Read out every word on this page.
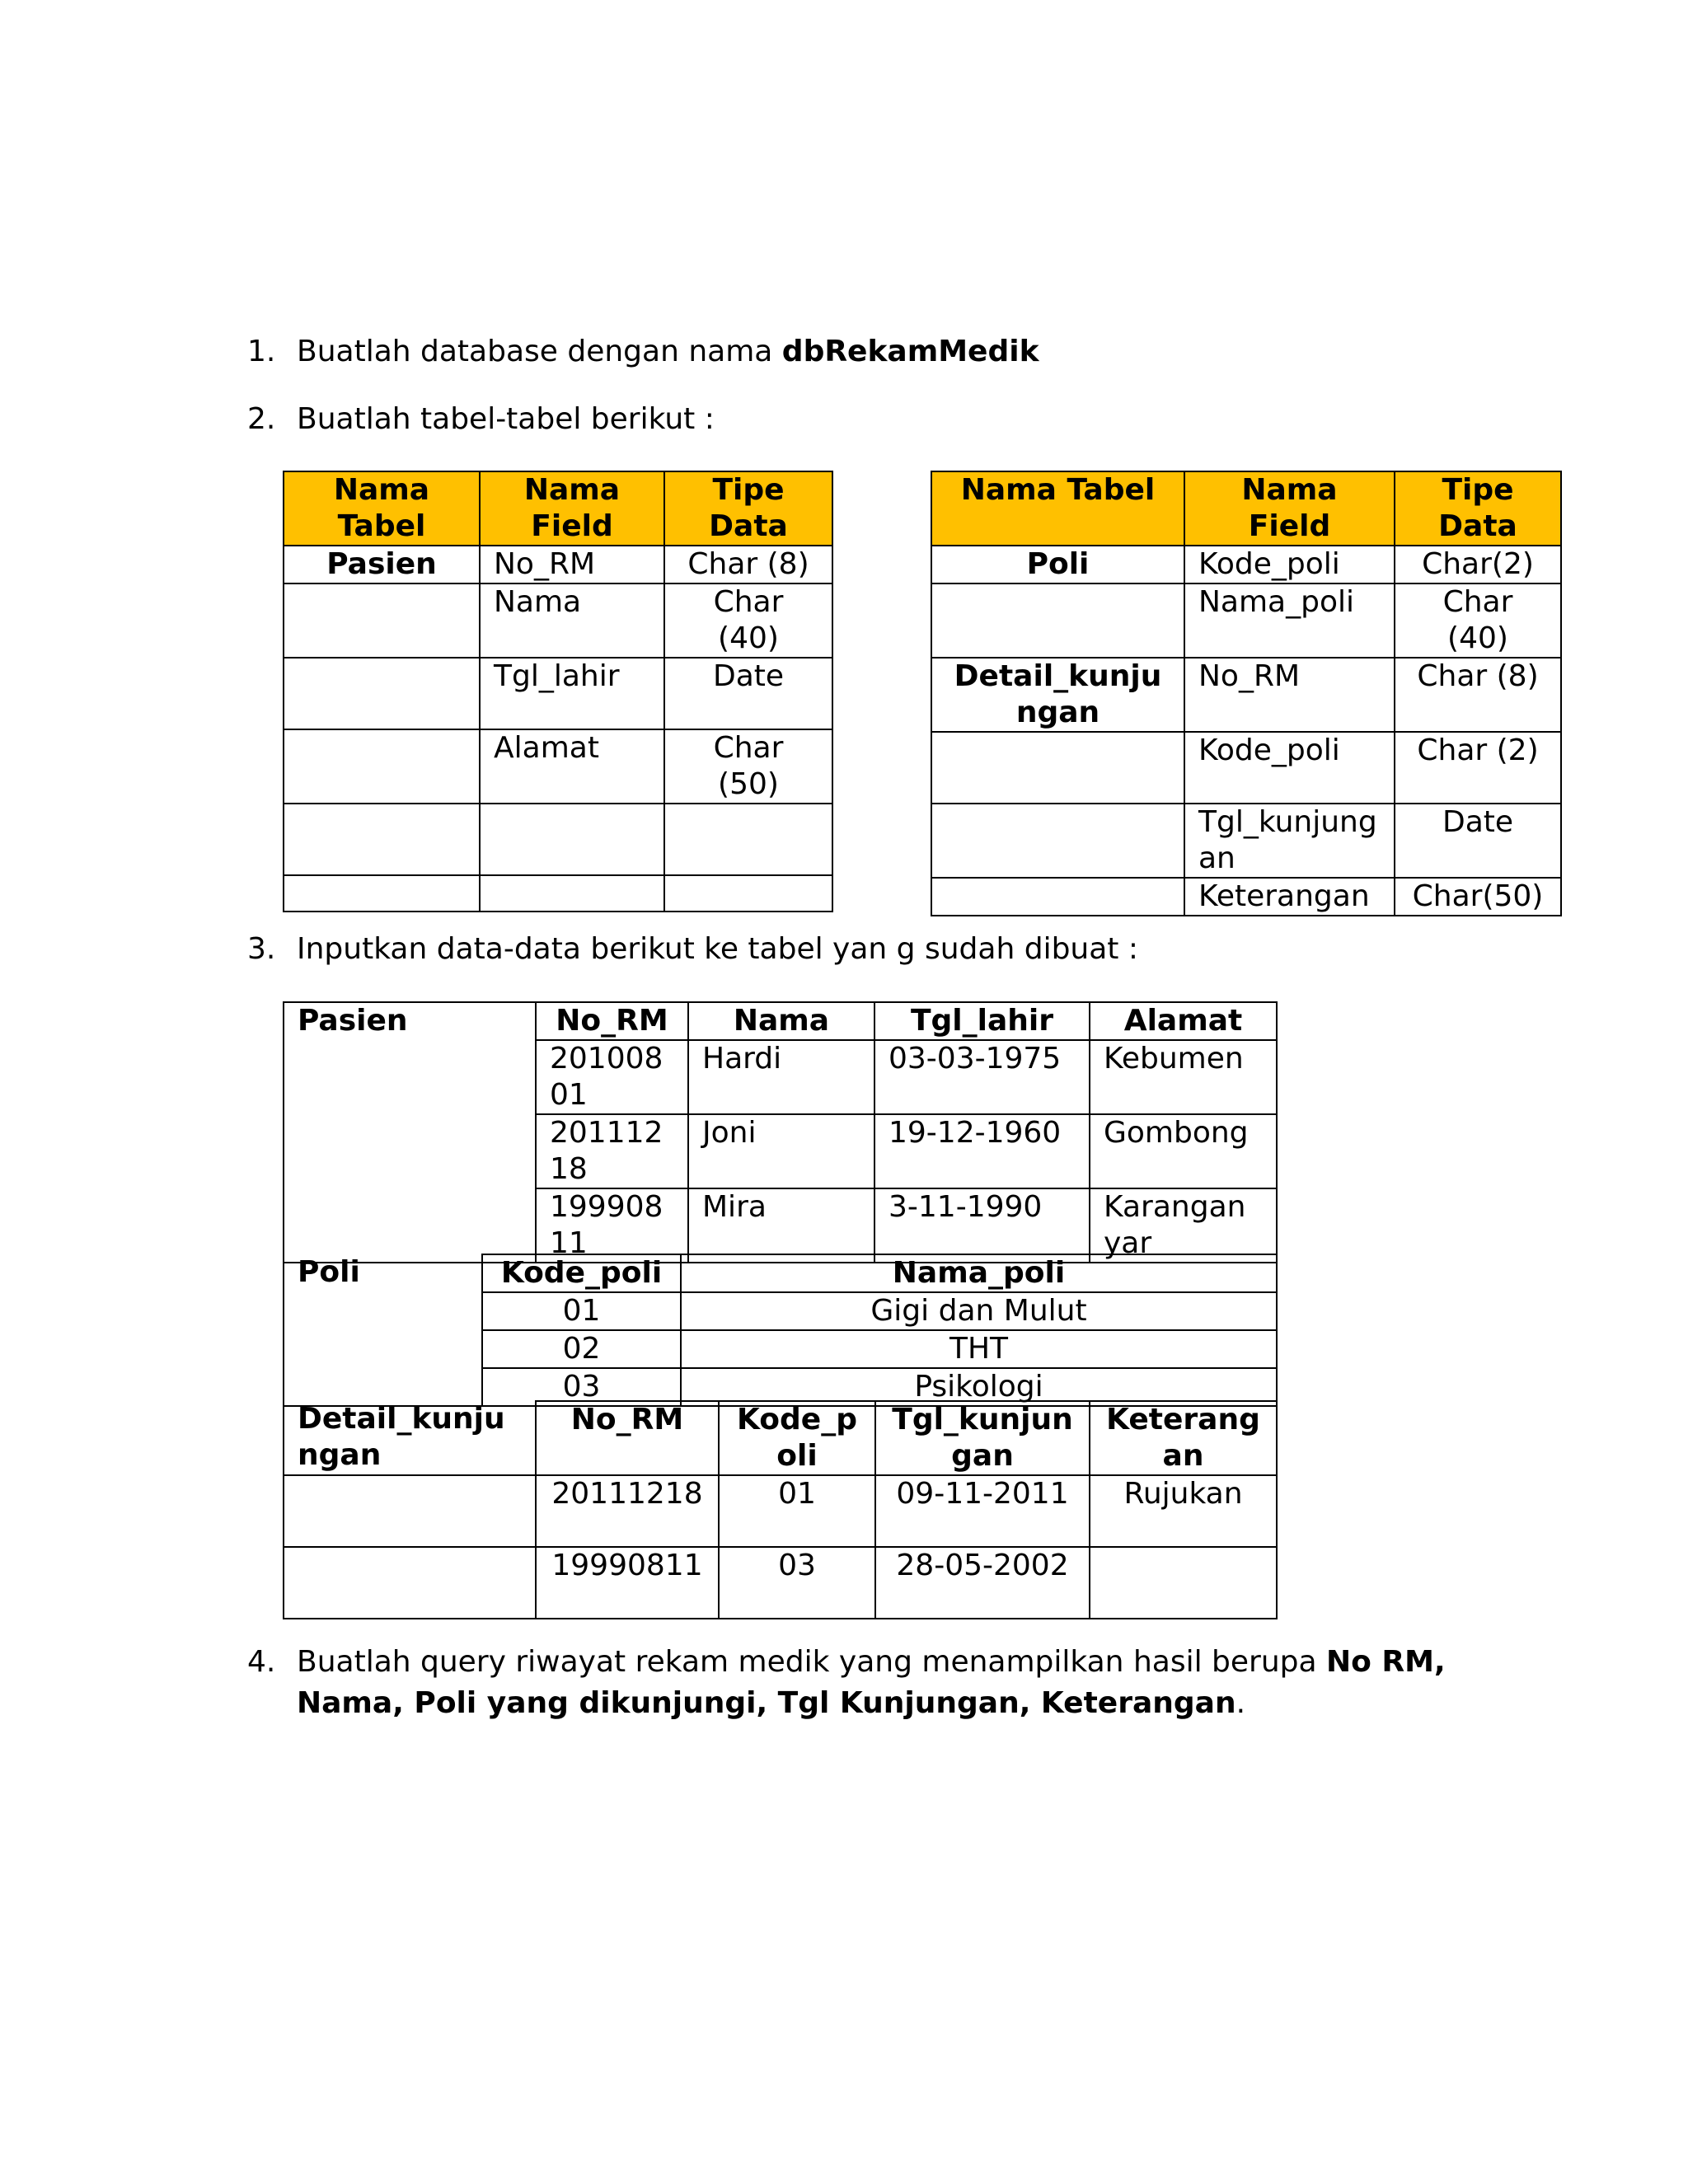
1. Buatlah database dengan nama dbRekamMedik
2. Buatlah tabel-tabel berikut :
Nama Tabel	Nama Field	Tipe Data
Pasien	No_RM	Char (8)
	Nama	Char (40)
	Tgl_lahir	Date
	Alamat	Char (50)

Nama Tabel	Nama Field	Tipe Data
Poli	Kode_poli	Char(2)
	Nama_poli	Char (40)
Detail_kunjungan	No_RM	Char (8)
	Kode_poli	Char (2)
	Tgl_kunjungan	Date
	Keterangan	Char(50)
3. Inputkan data-data berikut ke tabel yan g sudah dibuat :
Pasien	No_RM	Nama	Tgl_lahir	Alamat
	20100801	Hardi	03-03-1975	Kebumen
	20111218	Joni	19-12-1960	Gombong
	19990811	Mira	3-11-1990	Karanganyar
Poli	Kode_poli	Nama_poli
	01	Gigi dan Mulut
	02	THT
	03	Psikologi
Detail_kunjungan	No_RM	Kode_poli	Tgl_kunjungan	Keterangan
	20111218	01	09-11-2011	Rujukan
	19990811	03	28-05-2002	
4. Buatlah query riwayat rekam medik yang menampilkan hasil berupa No RM,
Nama, Poli yang dikunjungi, Tgl Kunjungan, Keterangan.
